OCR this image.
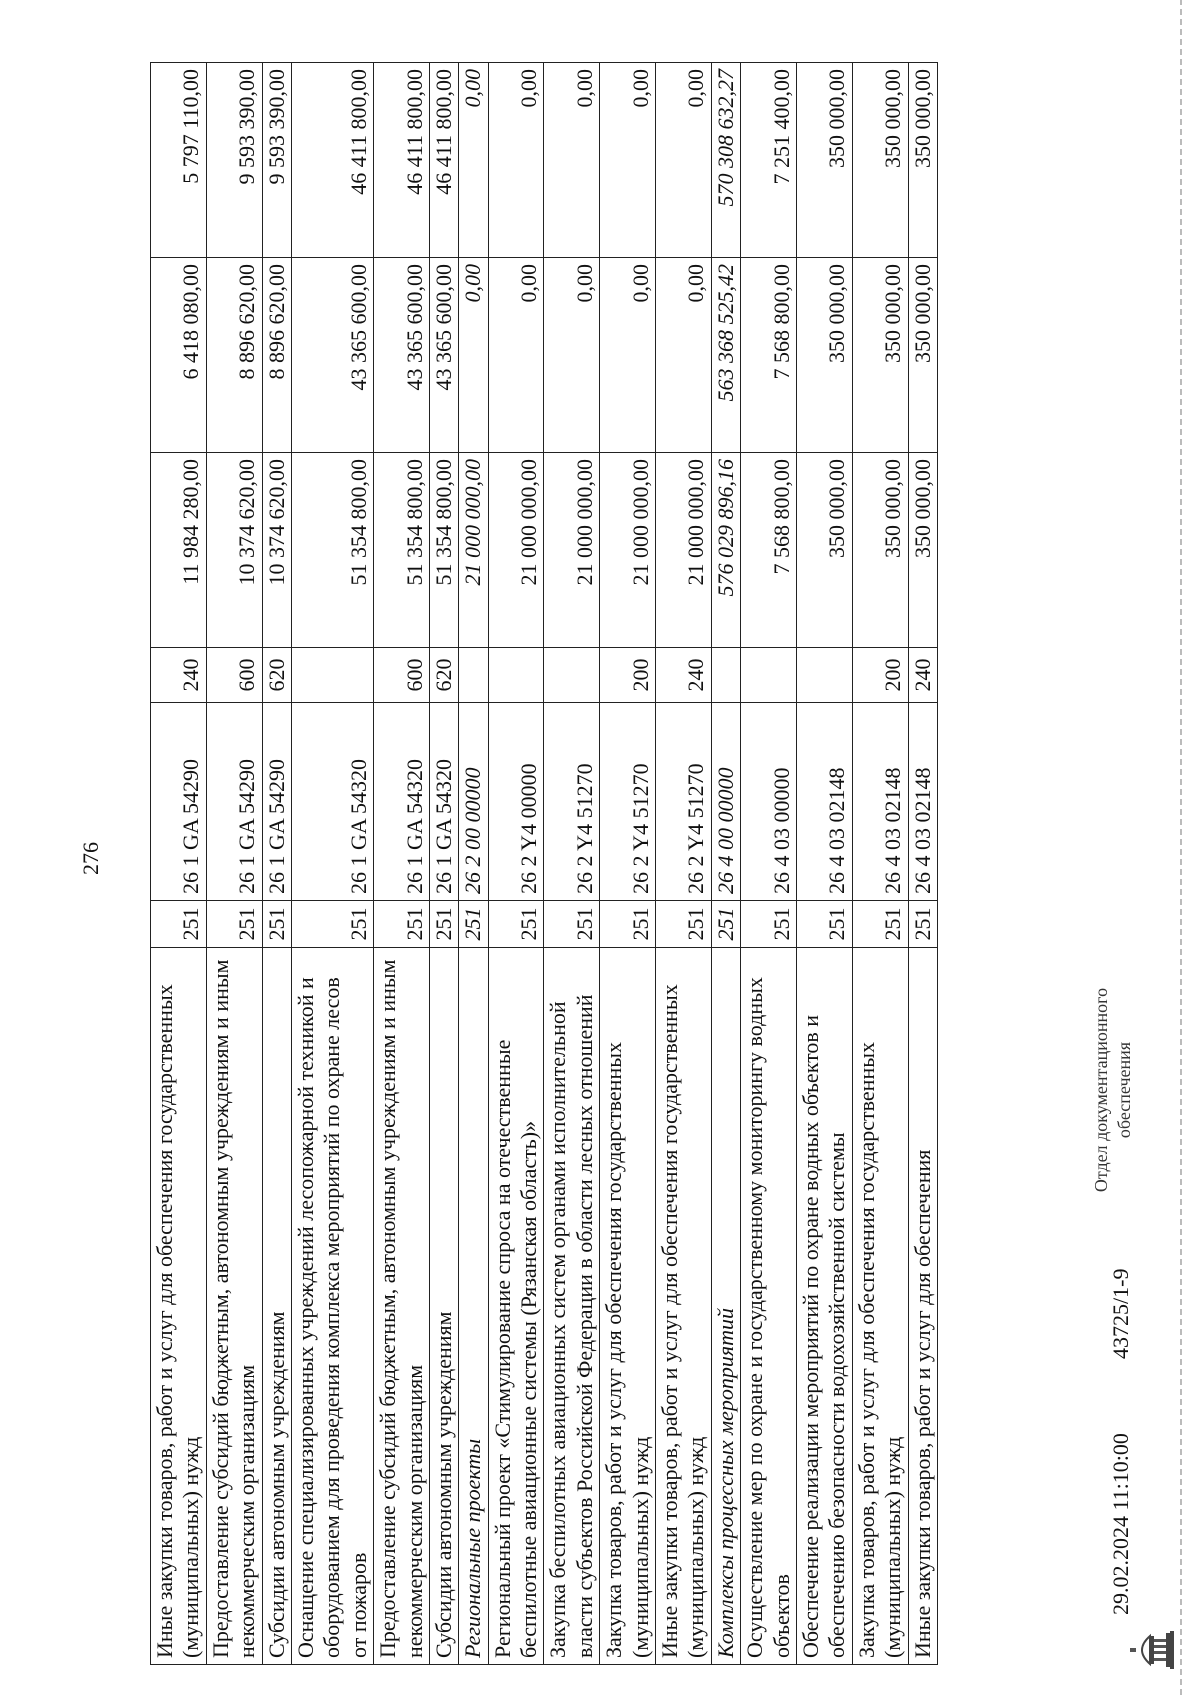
276
Иные закупки товаров, работ и услуг для обеспечения государственных (муниципальных) нужд	251	26 1 GA 54290	240	11 984 280,00	6 418 080,00	5 797 110,00
Предоставление субсидий бюджетным, автономным учреждениям и иным некоммерческим организациям	251	26 1 GA 54290	600	10 374 620,00	8 896 620,00	9 593 390,00
Субсидии автономным учреждениям	251	26 1 GA 54290	620	10 374 620,00	8 896 620,00	9 593 390,00
Оснащение специализированных учреждений лесопожарной техникой и оборудованием для проведения комплекса мероприятий по охране лесов от пожаров	251	26 1 GA 54320		51 354 800,00	43 365 600,00	46 411 800,00
Предоставление субсидий бюджетным, автономным учреждениям и иным некоммерческим организациям	251	26 1 GA 54320	600	51 354 800,00	43 365 600,00	46 411 800,00
Субсидии автономным учреждениям	251	26 1 GA 54320	620	51 354 800,00	43 365 600,00	46 411 800,00
Региональные проекты	251	26 2 00 00000		21 000 000,00	0,00	0,00
Региональный проект «Стимулирование спроса на отечественные беспилотные авиационные системы (Рязанская область)»	251	26 2 Y4 00000		21 000 000,00	0,00	0,00
Закупка беспилотных авиационных систем органами исполнительной власти субъектов Российской Федерации в области лесных отношений	251	26 2 Y4 51270		21 000 000,00	0,00	0,00
Закупка товаров, работ и услуг для обеспечения государственных (муниципальных) нужд	251	26 2 Y4 51270	200	21 000 000,00	0,00	0,00
Иные закупки товаров, работ и услуг для обеспечения государственных (муниципальных) нужд	251	26 2 Y4 51270	240	21 000 000,00	0,00	0,00
Комплексы процессных мероприятий	251	26 4 00 00000		576 029 896,16	563 368 525,42	570 308 632,27
Осуществление мер по охране и государственному мониторингу водных объектов	251	26 4 03 00000		7 568 800,00	7 568 800,00	7 251 400,00
Обеспечение реализации мероприятий по охране водных объектов и обеспечению безопасности водохозяйственной системы	251	26 4 03 02148		350 000,00	350 000,00	350 000,00
Закупка товаров, работ и услуг для обеспечения государственных (муниципальных) нужд	251	26 4 03 02148	200	350 000,00	350 000,00	350 000,00
Иные закупки товаров, работ и услуг для обеспечения	251	26 4 03 02148	240	350 000,00	350 000,00	350 000,00
29.02.2024 11:10:00
43725/1-9
Отдел документационного обеспечения
